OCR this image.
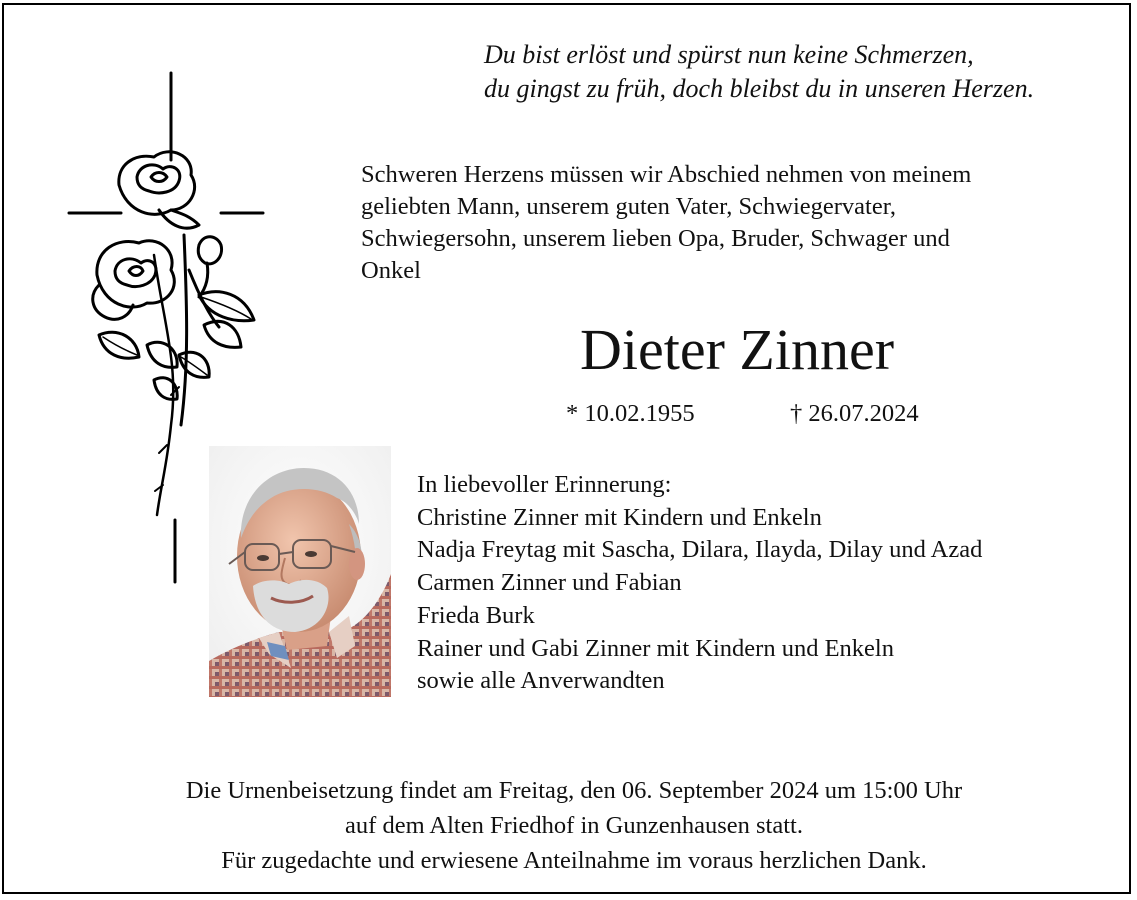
Du bist erlöst und spürst nun keine Schmerzen,
du gingst zu früh, doch bleibst du in unseren Herzen.
Schweren Herzens müssen wir Abschied nehmen von meinem
geliebten Mann, unserem guten Vater, Schwiegervater,
Schwiegersohn, unserem lieben Opa, Bruder, Schwager und
Onkel
Dieter Zinner
* 10.02.1955	† 26.07.2024
In liebevoller Erinnerung:
Christine Zinner mit Kindern und Enkeln
Nadja Freytag mit Sascha, Dilara, Ilayda, Dilay und Azad
Carmen Zinner und Fabian
Frieda Burk
Rainer und Gabi Zinner mit Kindern und Enkeln
sowie alle Anverwandten
Die Urnenbeisetzung findet am Freitag, den 06. September 2024 um 15:00 Uhr
auf dem Alten Friedhof in Gunzenhausen statt.
Für zugedachte und erwiesene Anteilnahme im voraus herzlichen Dank.
